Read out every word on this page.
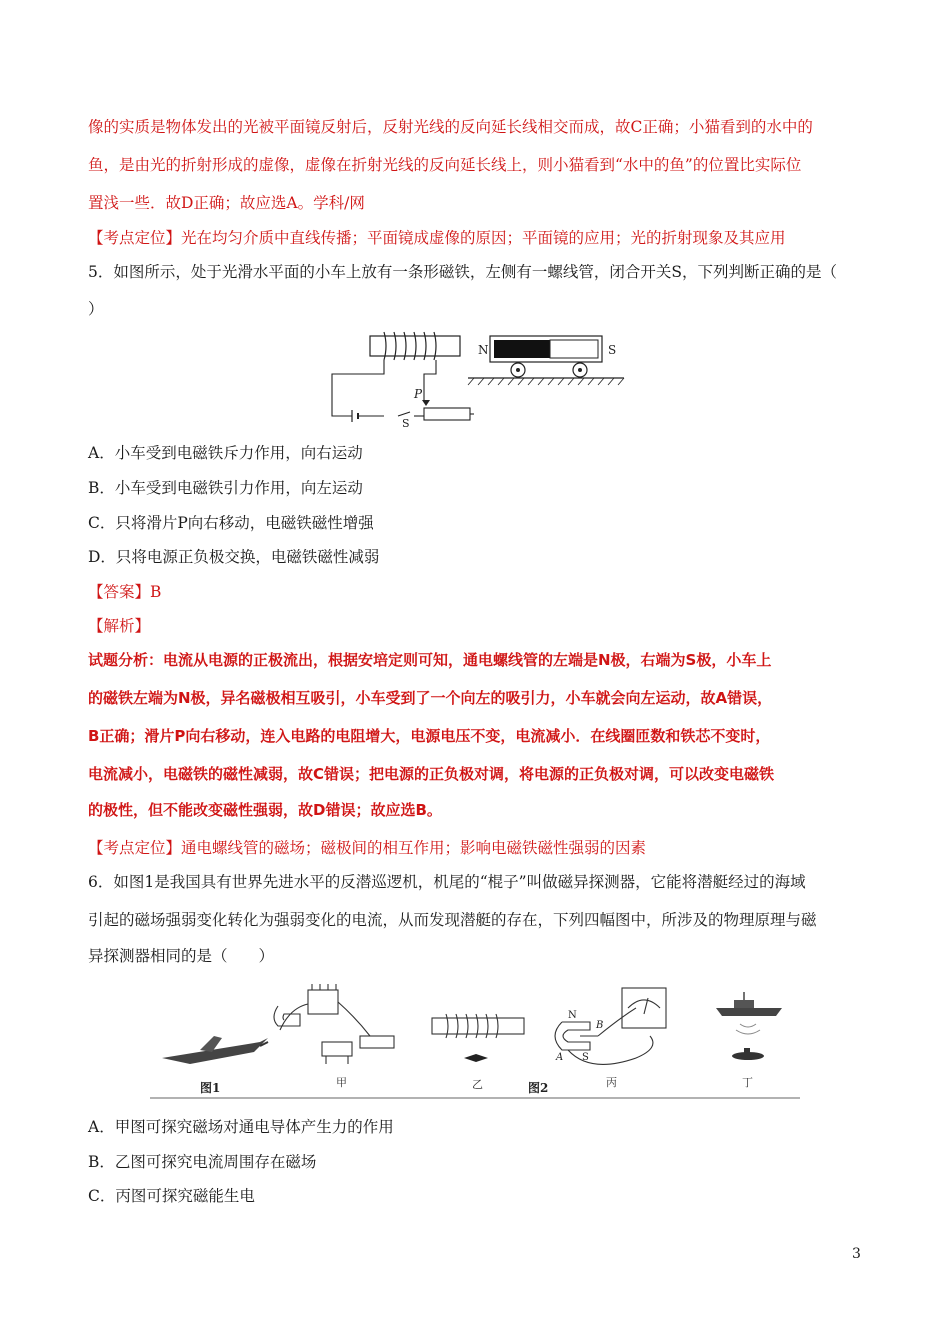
像的实质是物体发出的光被平面镜反射后，反射光线的反向延长线相交而成，故C正确；小猫看到的水中的

鱼，是由光的折射形成的虚像，虚像在折射光线的反向延长线上，则小猫看到“水中的鱼”的位置比实际位

置浅一些．故D正确；故应选A。学科/网

【考点定位】光在均匀介质中直线传播；平面镜成虚像的原因；平面镜的应用；光的折射现象及其应用

5．如图所示，处于光滑水平面的小车上放有一条形磁铁，左侧有一螺线管，闭合开关S，下列判断正确的是（

）

P
S
N	S

A．小车受到电磁铁斥力作用，向右运动

B．小车受到电磁铁引力作用，向左运动

C．只将滑片P向右移动，电磁铁磁性增强

D．只将电源正负极交换，电磁铁磁性减弱

【答案】B

【解析】

试题分析：电流从电源的正极流出，根据安培定则可知，通电螺线管的左端是N极，右端为S极，小车上

的磁铁左端为N极，异名磁极相互吸引，小车受到了一个向左的吸引力，小车就会向左运动，故A错误，

B正确；滑片P向右移动，连入电路的电阻增大，电源电压不变，电流减小．在线圈匝数和铁芯不变时，

电流减小，电磁铁的磁性减弱，故C错误；把电源的正负极对调，将电源的正负极对调，可以改变电磁铁

的极性，但不能改变磁性强弱，故D错误；故应选B。

【考点定位】通电螺线管的磁场；磁极间的相互作用；影响电磁铁磁性强弱的因素

6．如图1是我国具有世界先进水平的反潜巡逻机，机尾的“棍子”叫做磁异探测器，它能将潜艇经过的海域

引起的磁场强弱变化转化为强弱变化的电流，从而发现潜艇的存在，下列四幅图中，所涉及的物理原理与磁

异探测器相同的是（　　）

图1	甲	乙	图2
N
B
A S
丙	丁

A．甲图可探究磁场对通电导体产生力的作用

B．乙图可探究电流周围存在磁场

C．丙图可探究磁能生电

3
